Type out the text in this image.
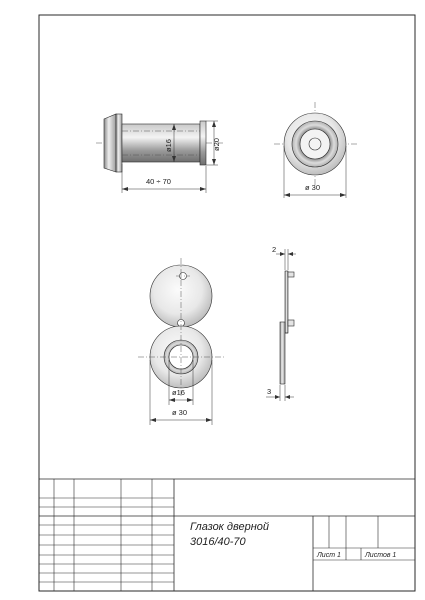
ø16	ø20
40 ÷ 70
ø 30
ø16
ø 30
2
3
Глазок дверной
3016/40-70
Лист 1	Листов 1
